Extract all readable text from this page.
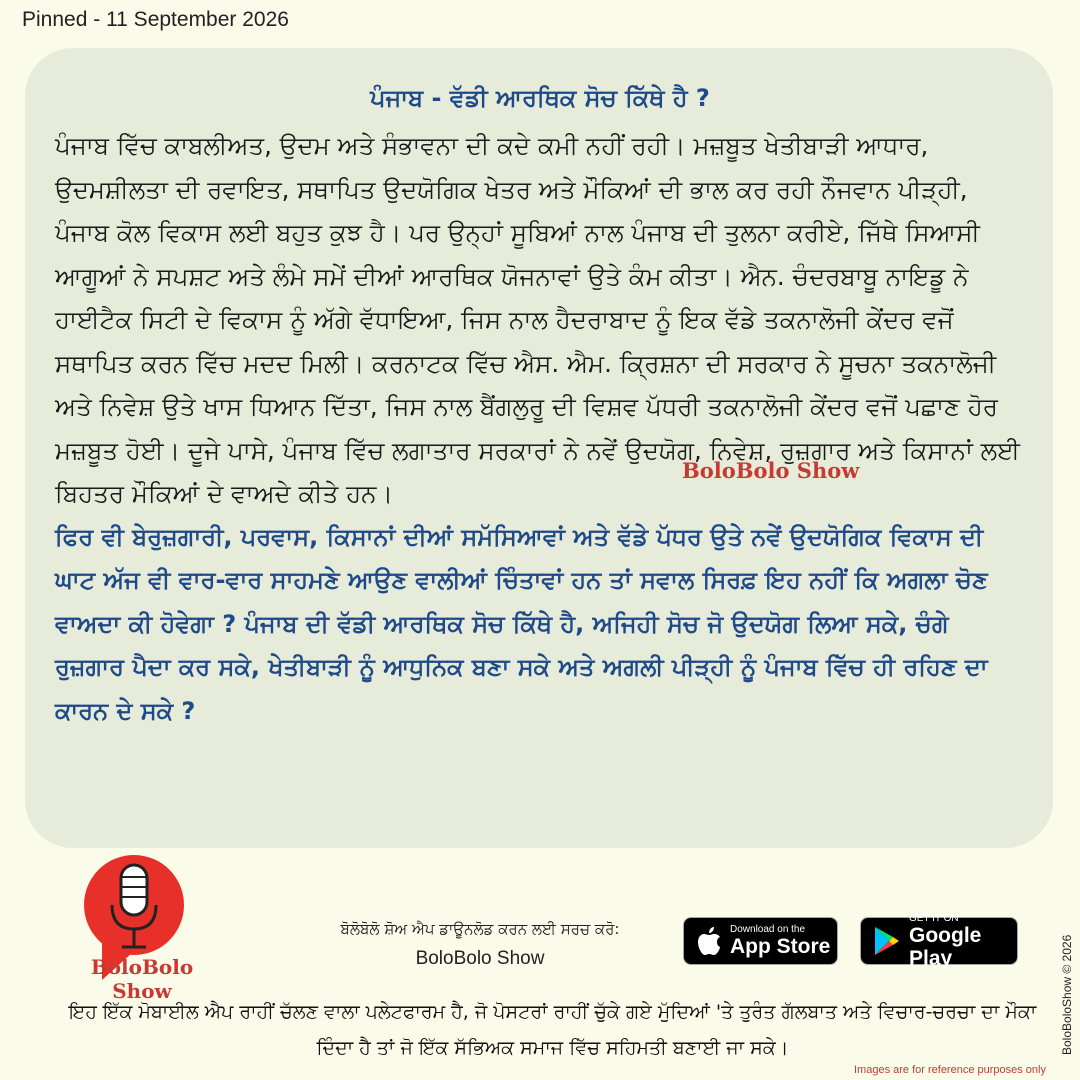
Pinned - 11 September 2026
ਪੰਜਾਬ - ਵੱਡੀ ਆਰਥਿਕ ਸੋਚ ਕਿੱਥੇ ਹੈ ?

ਪੰਜਾਬ ਵਿੱਚ ਕਾਬਲੀਅਤ, ਉਦਮ ਅਤੇ ਸੰਭਾਵਨਾ ਦੀ ਕਦੇ ਕਮੀ ਨਹੀਂ ਰਹੀ। ਮਜ਼ਬੂਤ ਖੇਤੀਬਾੜੀ ਆਧਾਰ, ਉਦਮਸ਼ੀਲਤਾ ਦੀ ਰਵਾਇਤ, ਸਥਾਪਿਤ ਉਦਯੋਗਿਕ ਖੇਤਰ ਅਤੇ ਮੌਕਿਆਂ ਦੀ ਭਾਲ ਕਰ ਰਹੀ ਨੌਜਵਾਨ ਪੀੜ੍ਹੀ, ਪੰਜਾਬ ਕੋਲ ਵਿਕਾਸ ਲਈ ਬਹੁਤ ਕੁਝ ਹੈ। ਪਰ ਉਨ੍ਹਾਂ ਸੂਬਿਆਂ ਨਾਲ ਪੰਜਾਬ ਦੀ ਤੁਲਨਾ ਕਰੀਏ, ਜਿੱਥੇ ਸਿਆਸੀ ਆਗੂਆਂ ਨੇ ਸਪਸ਼ਟ ਅਤੇ ਲੰਮੇ ਸਮੇਂ ਦੀਆਂ ਆਰਥਿਕ ਯੋਜਨਾਵਾਂ ਉਤੇ ਕੰਮ ਕੀਤਾ। ਐਨ. ਚੰਦਰਬਾਬੂ ਨਾਇਡੂ ਨੇ ਹਾਈਟੈਕ ਸਿਟੀ ਦੇ ਵਿਕਾਸ ਨੂੰ ਅੱਗੇ ਵੱਧਾਇਆ, ਜਿਸ ਨਾਲ ਹੈਦਰਾਬਾਦ ਨੂੰ ਇਕ ਵੱਡੇ ਤਕਨਾਲੋਜੀ ਕੇਂਦਰ ਵਜੋਂ ਸਥਾਪਿਤ ਕਰਨ ਵਿੱਚ ਮਦਦ ਮਿਲੀ। ਕਰਨਾਟਕ ਵਿੱਚ ਐਸ. ਐਮ. ਕ੍ਰਿਸ਼ਨਾ ਦੀ ਸਰਕਾਰ ਨੇ ਸੂਚਨਾ ਤਕਨਾਲੋਜੀ ਅਤੇ ਨਿਵੇਸ਼ ਉਤੇ ਖਾਸ ਧਿਆਨ ਦਿੱਤਾ, ਜਿਸ ਨਾਲ ਬੈਂਗਲੁਰੂ ਦੀ ਵਿਸ਼ਵ ਪੱਧਰੀ ਤਕਨਾਲੋਜੀ ਕੇਂਦਰ ਵਜੋਂ ਪਛਾਣ ਹੋਰ ਮਜ਼ਬੂਤ ਹੋਈ। ਦੂਜੇ ਪਾਸੇ, ਪੰਜਾਬ ਵਿੱਚ ਲਗਾਤਾਰ ਸਰਕਾਰਾਂ ਨੇ ਨਵੇਂ ਉਦਯੋਗ, ਨਿਵੇਸ਼, ਰੁਜ਼ਗਾਰ ਅਤੇ ਕਿਸਾਨਾਂ ਲਈ ਬਿਹਤਰ ਮੌਕਿਆਂ ਦੇ ਵਾਅਦੇ ਕੀਤੇ ਹਨ।

BoloBolo Show

ਫਿਰ ਵੀ ਬੇਰੁਜ਼ਗਾਰੀ, ਪਰਵਾਸ, ਕਿਸਾਨਾਂ ਦੀਆਂ ਸਮੱਸਿਆਵਾਂ ਅਤੇ ਵੱਡੇ ਪੱਧਰ ਉਤੇ ਨਵੇਂ ਉਦਯੋਗਿਕ ਵਿਕਾਸ ਦੀ ਘਾਟ ਅੱਜ ਵੀ ਵਾਰ-ਵਾਰ ਸਾਹਮਣੇ ਆਉਣ ਵਾਲੀਆਂ ਚਿੰਤਾਵਾਂ ਹਨ ਤਾਂ ਸਵਾਲ ਸਿਰਫ਼ ਇਹ ਨਹੀਂ ਕਿ ਅਗਲਾ ਚੋਣ ਵਾਅਦਾ ਕੀ ਹੋਵੇਗਾ ? ਪੰਜਾਬ ਦੀ ਵੱਡੀ ਆਰਥਿਕ ਸੋਚ ਕਿੱਥੇ ਹੈ, ਅਜਿਹੀ ਸੋਚ ਜੋ ਉਦਯੋਗ ਲਿਆ ਸਕੇ, ਚੰਗੇ ਰੁਜ਼ਗਾਰ ਪੈਦਾ ਕਰ ਸਕੇ, ਖੇਤੀਬਾੜੀ ਨੂੰ ਆਧੁਨਿਕ ਬਣਾ ਸਕੇ ਅਤੇ ਅਗਲੀ ਪੀੜ੍ਹੀ ਨੂੰ ਪੰਜਾਬ ਵਿੱਚ ਹੀ ਰਹਿਣ ਦਾ ਕਾਰਨ ਦੇ ਸਕੇ ?

BoloBolo Show
ਬੋਲੋਬੋਲੋ ਸ਼ੋਅ ਐਪ ਡਾਊਨਲੋਡ ਕਰਨ ਲਈ ਸਰਚ ਕਰੋ:
BoloBolo Show
Download on the
App Store
GET IT ON
Google Play
ਇਹ ਇੱਕ ਮੋਬਾਈਲ ਐਪ ਰਾਹੀਂ ਚੱਲਣ ਵਾਲਾ ਪਲੇਟਫਾਰਮ ਹੈ, ਜੋ ਪੋਸਟਰਾਂ ਰਾਹੀਂ ਚੁੱਕੇ ਗਏ ਮੁੱਦਿਆਂ 'ਤੇ ਤੁਰੰਤ ਗੱਲਬਾਤ ਅਤੇ ਵਿਚਾਰ-ਚਰਚਾ ਦਾ ਮੌਕਾ ਦਿੰਦਾ ਹੈ ਤਾਂ ਜੋ ਇੱਕ ਸੱਭਿਅਕ ਸਮਾਜ ਵਿੱਚ ਸਹਿਮਤੀ ਬਣਾਈ ਜਾ ਸਕੇ।	BoloBoloShow © 2026
Images are for reference purposes only
